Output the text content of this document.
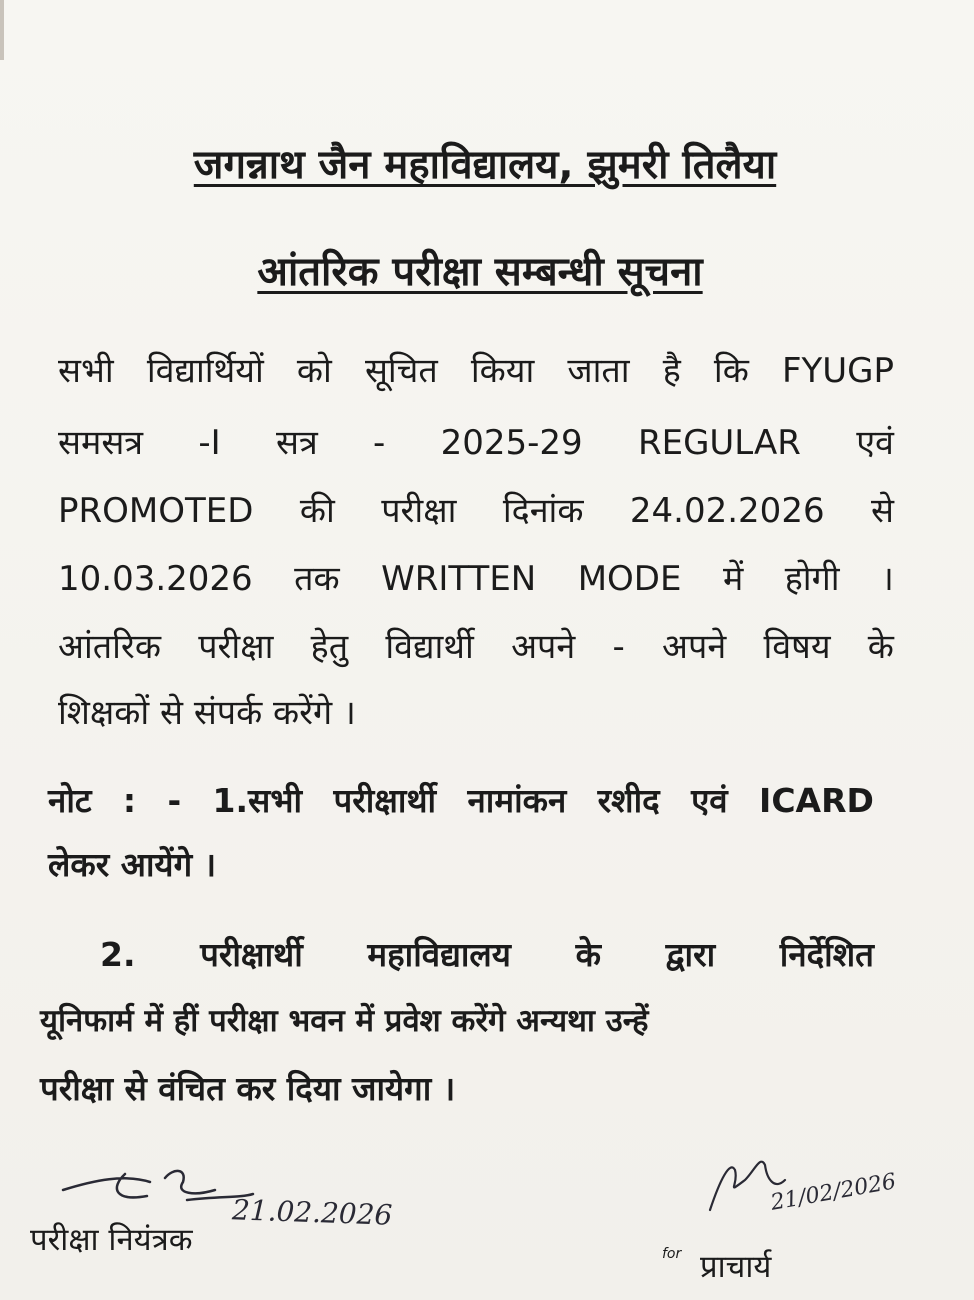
जगन्नाथ जैन महाविद्यालय, झुमरी तिलैया
आंतरिक परीक्षा सम्बन्धी सूचना
सभी विद्यार्थियों को सूचित किया जाता है कि FYUGP
समसत्र -I सत्र - 2025-29 REGULAR एवं
PROMOTED की परीक्षा दिनांक 24.02.2026 से
10.03.2026 तक WRITTEN MODE में होगी ।
आंतरिक परीक्षा हेतु विद्यार्थी अपने - अपने विषय के
शिक्षकों से संपर्क करेंगे ।
नोट : - 1.सभी परीक्षार्थी नामांकन रशीद एवं ICARD
लेकर आयेंगे ।
2. परीक्षार्थी महाविद्यालय के द्वारा निर्देशित
यूनिफार्म में हीं परीक्षा भवन में प्रवेश करेंगे अन्यथा उन्हें
परीक्षा से वंचित कर दिया जायेगा ।
परीक्षा नियंत्रक
21.02.2026	21/02/2026
for प्राचार्य
